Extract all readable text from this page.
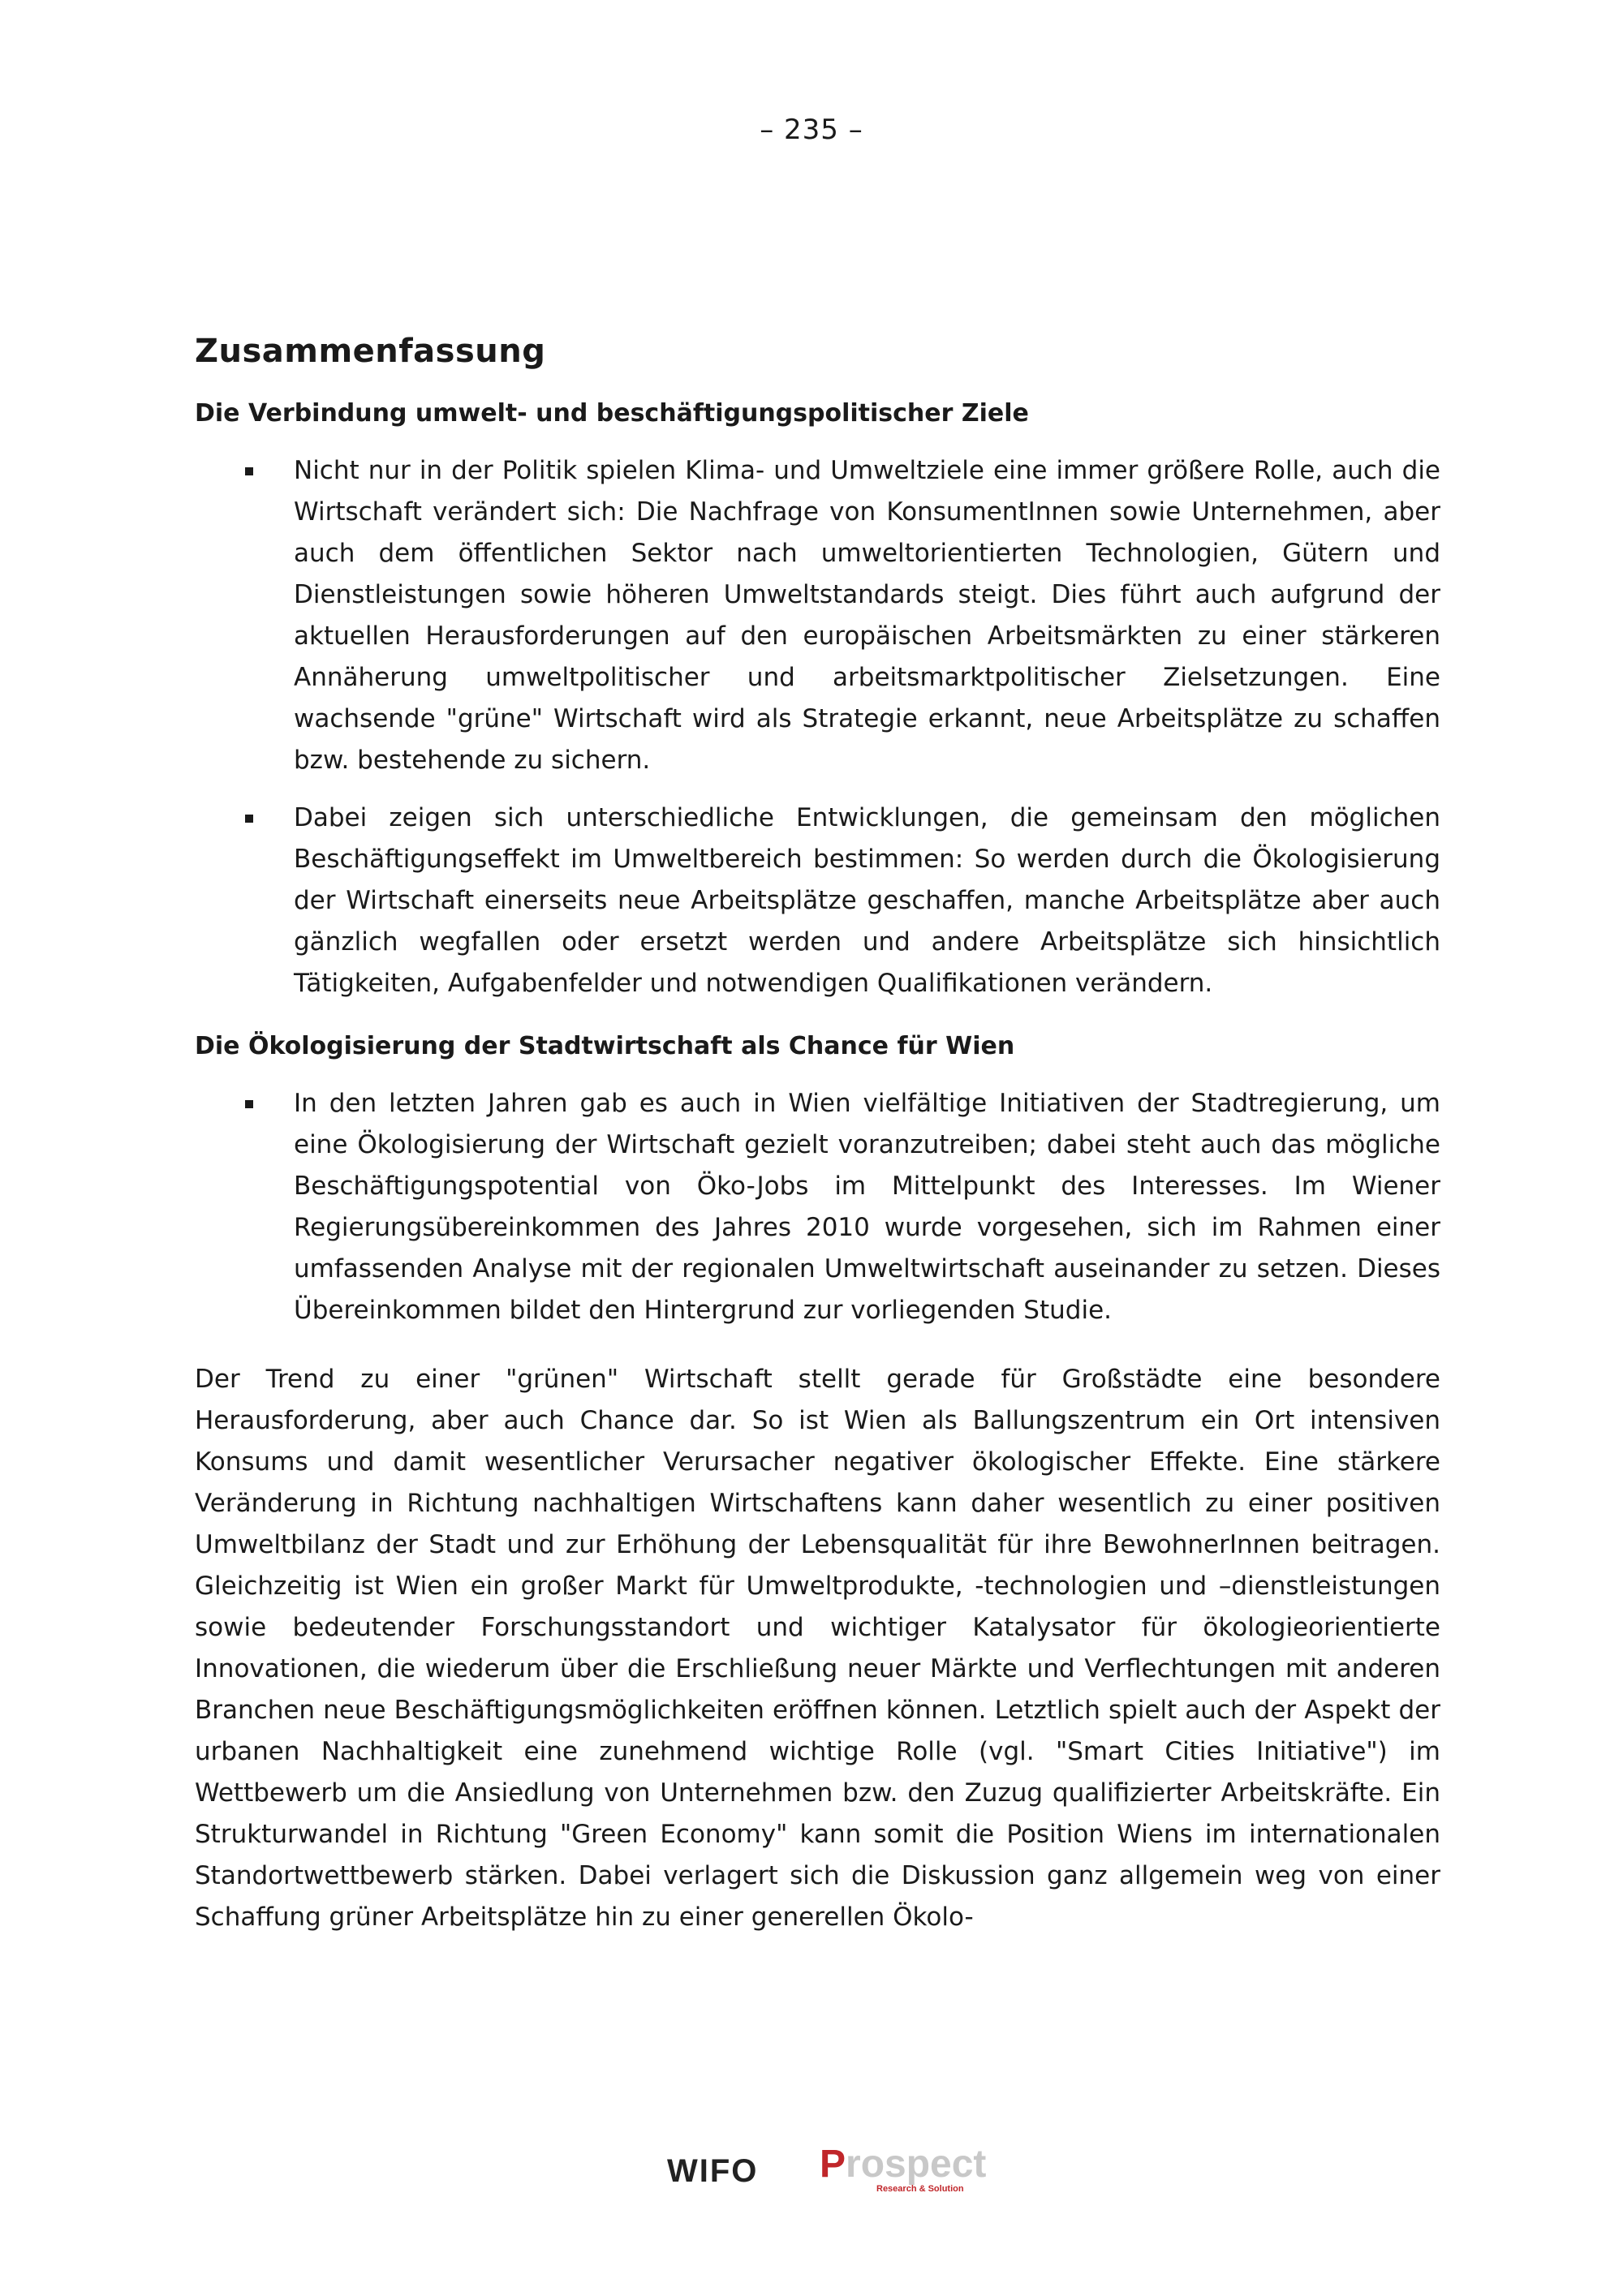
– 235 –
Zusammenfassung
Die Verbindung umwelt- und beschäftigungspolitischer Ziele
Nicht nur in der Politik spielen Klima- und Umweltziele eine immer größere Rolle, auch die Wirtschaft verändert sich: Die Nachfrage von KonsumentInnen sowie Unternehmen, aber auch dem öffentlichen Sektor nach umweltorientierten Technologien, Gütern und Dienstleistungen sowie höheren Umweltstandards steigt. Dies führt auch aufgrund der aktuellen Herausforderungen auf den europäischen Arbeitsmärkten zu einer stärkeren Annäherung umweltpolitischer und arbeitsmarktpolitischer Zielsetzungen. Eine wachsende "grüne" Wirtschaft wird als Strategie erkannt, neue Arbeitsplätze zu schaffen bzw. bestehende zu sichern.
Dabei zeigen sich unterschiedliche Entwicklungen, die gemeinsam den möglichen Beschäftigungseffekt im Umweltbereich bestimmen: So werden durch die Ökologisierung der Wirtschaft einerseits neue Arbeitsplätze geschaffen, manche Arbeitsplätze aber auch gänzlich wegfallen oder ersetzt werden und andere Arbeitsplätze sich hinsichtlich Tätigkeiten, Aufgabenfelder und notwendigen Qualifikationen verändern.
Die Ökologisierung der Stadtwirtschaft als Chance für Wien
In den letzten Jahren gab es auch in Wien vielfältige Initiativen der Stadtregierung, um eine Ökologisierung der Wirtschaft gezielt voranzutreiben; dabei steht auch das mögliche Beschäftigungspotential von Öko-Jobs im Mittelpunkt des Interesses. Im Wiener Regierungsübereinkommen des Jahres 2010 wurde vorgesehen, sich im Rahmen einer umfassenden Analyse mit der regionalen Umweltwirtschaft auseinander zu setzen. Dieses Übereinkommen bildet den Hintergrund zur vorliegenden Studie.

Der Trend zu einer "grünen" Wirtschaft stellt gerade für Großstädte eine besondere Herausforderung, aber auch Chance dar. So ist Wien als Ballungszentrum ein Ort intensiven Konsums und damit wesentlicher Verursacher negativer ökologischer Effekte. Eine stärkere Veränderung in Richtung nachhaltigen Wirtschaftens kann daher wesentlich zu einer positiven Umweltbilanz der Stadt und zur Erhöhung der Lebensqualität für ihre BewohnerInnen beitragen. Gleichzeitig ist Wien ein großer Markt für Umweltprodukte, -technologien und –dienstleistungen sowie bedeutender Forschungsstandort und wichtiger Katalysator für ökologieorientierte Innovationen, die wiederum über die Erschließung neuer Märkte und Verflechtungen mit anderen Branchen neue Beschäftigungsmöglichkeiten eröffnen können. Letztlich spielt auch der Aspekt der urbanen Nachhaltigkeit eine zunehmend wichtige Rolle (vgl. "Smart Cities Initiative") im Wettbewerb um die Ansiedlung von Unternehmen bzw. den Zuzug qualifizierter Arbeitskräfte. Ein Strukturwandel in Richtung "Green Economy" kann somit die Position Wiens im internationalen Standortwettbewerb stärken. Dabei verlagert sich die Diskussion ganz allgemein weg von einer Schaffung grüner Arbeitsplätze hin zu einer generellen Ökolo-

WIFO Prospect
Research & Solution
